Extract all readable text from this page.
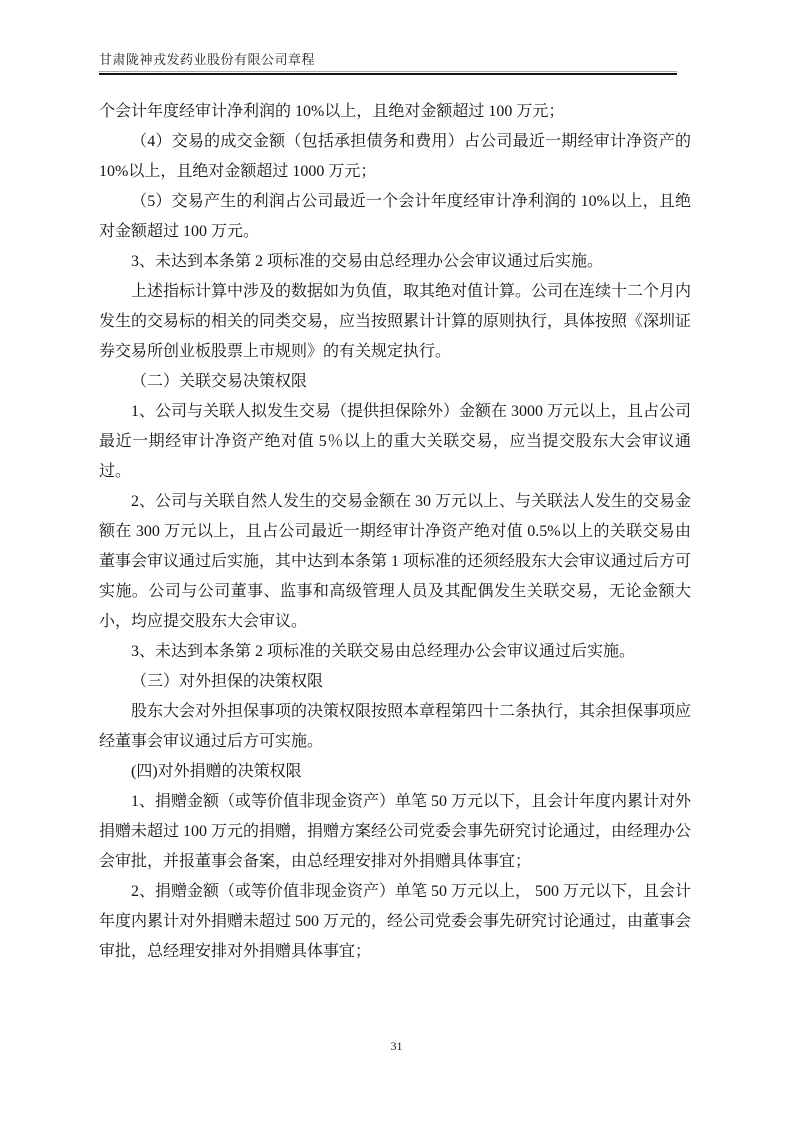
甘肃陇神戎发药业股份有限公司章程

个会计年度经审计净利润的 10%以上，且绝对金额超过 100 万元；

（4）交易的成交金额（包括承担债务和费用）占公司最近一期经审计净资产的 10%以上，且绝对金额超过 1000 万元；

（5）交易产生的利润占公司最近一个会计年度经审计净利润的 10%以上，且绝对金额超过 100 万元。

3、未达到本条第 2 项标准的交易由总经理办公会审议通过后实施。

上述指标计算中涉及的数据如为负值，取其绝对值计算。公司在连续十二个月内发生的交易标的相关的同类交易，应当按照累计计算的原则执行，具体按照《深圳证券交易所创业板股票上市规则》的有关规定执行。

（二）关联交易决策权限

1、公司与关联人拟发生交易（提供担保除外）金额在 3000 万元以上，且占公司最近一期经审计净资产绝对值 5％以上的重大关联交易，应当提交股东大会审议通过。

2、公司与关联自然人发生的交易金额在 30 万元以上、与关联法人发生的交易金额在 300 万元以上，且占公司最近一期经审计净资产绝对值 0.5%以上的关联交易由董事会审议通过后实施，其中达到本条第 1 项标准的还须经股东大会审议通过后方可实施。公司与公司董事、监事和高级管理人员及其配偶发生关联交易，无论金额大小，均应提交股东大会审议。

3、未达到本条第 2 项标准的关联交易由总经理办公会审议通过后实施。

（三）对外担保的决策权限

股东大会对外担保事项的决策权限按照本章程第四十二条执行，其余担保事项应经董事会审议通过后方可实施。

(四)对外捐赠的决策权限

1、捐赠金额（或等价值非现金资产）单笔 50 万元以下，且会计年度内累计对外捐赠未超过 100 万元的捐赠，捐赠方案经公司党委会事先研究讨论通过，由经理办公会审批，并报董事会备案，由总经理安排对外捐赠具体事宜；

2、捐赠金额（或等价值非现金资产）单笔 50 万元以上， 500 万元以下，且会计年度内累计对外捐赠未超过 500 万元的，经公司党委会事先研究讨论通过，由董事会审批，总经理安排对外捐赠具体事宜；

31
